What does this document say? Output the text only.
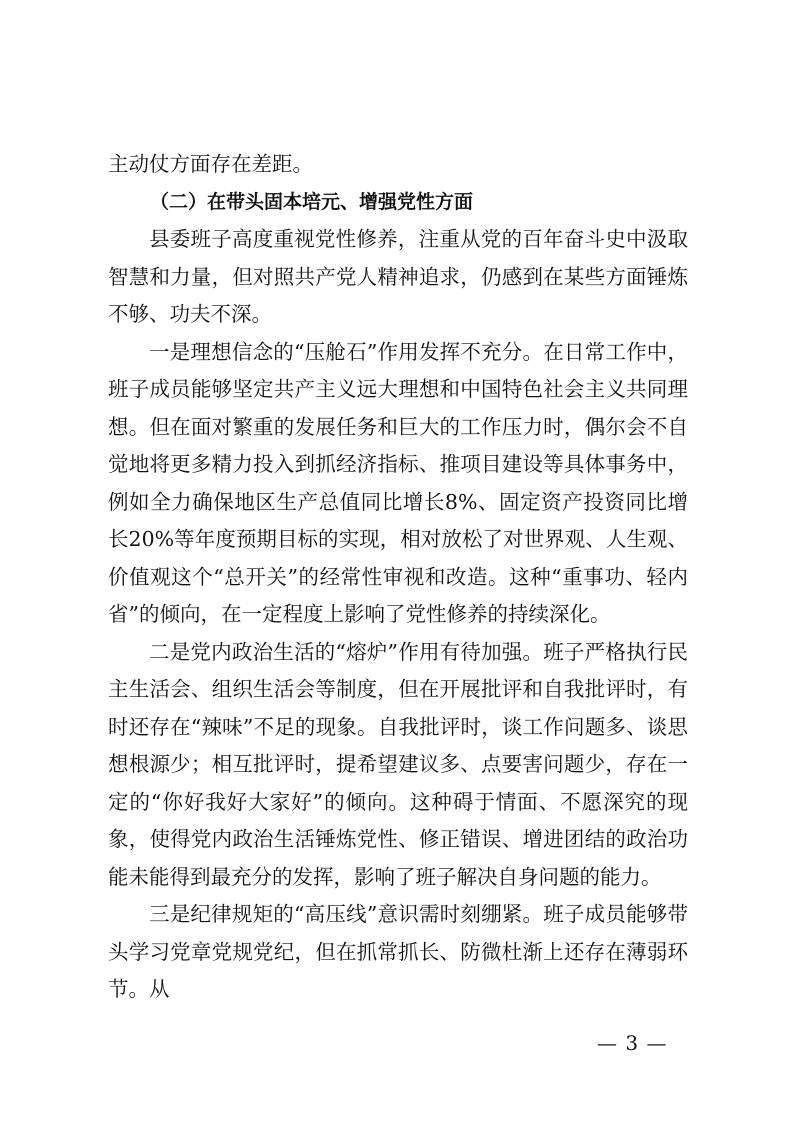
主动仗方面存在差距。

（二）在带头固本培元、增强党性方面

县委班子高度重视党性修养，注重从党的百年奋斗史中汲取智慧和力量，但对照共产党人精神追求，仍感到在某些方面锤炼不够、功夫不深。

一是理想信念的“压舱石”作用发挥不充分。在日常工作中，班子成员能够坚定共产主义远大理想和中国特色社会主义共同理想。但在面对繁重的发展任务和巨大的工作压力时，偶尔会不自觉地将更多精力投入到抓经济指标、推项目建设等具体事务中，例如全力确保地区生产总值同比增长8%、固定资产投资同比增长20%等年度预期目标的实现，相对放松了对世界观、人生观、价值观这个“总开关”的经常性审视和改造。这种“重事功、轻内省”的倾向，在一定程度上影响了党性修养的持续深化。

二是党内政治生活的“熔炉”作用有待加强。班子严格执行民主生活会、组织生活会等制度，但在开展批评和自我批评时，有时还存在“辣味”不足的现象。自我批评时，谈工作问题多、谈思想根源少；相互批评时，提希望建议多、点要害问题少，存在一定的“你好我好大家好”的倾向。这种碍于情面、不愿深究的现象，使得党内政治生活锤炼党性、修正错误、增进团结的政治功能未能得到最充分的发挥，影响了班子解决自身问题的能力。

三是纪律规矩的“高压线”意识需时刻绷紧。班子成员能够带头学习党章党规党纪，但在抓常抓长、防微杜渐上还存在薄弱环节。从

— 3 —
